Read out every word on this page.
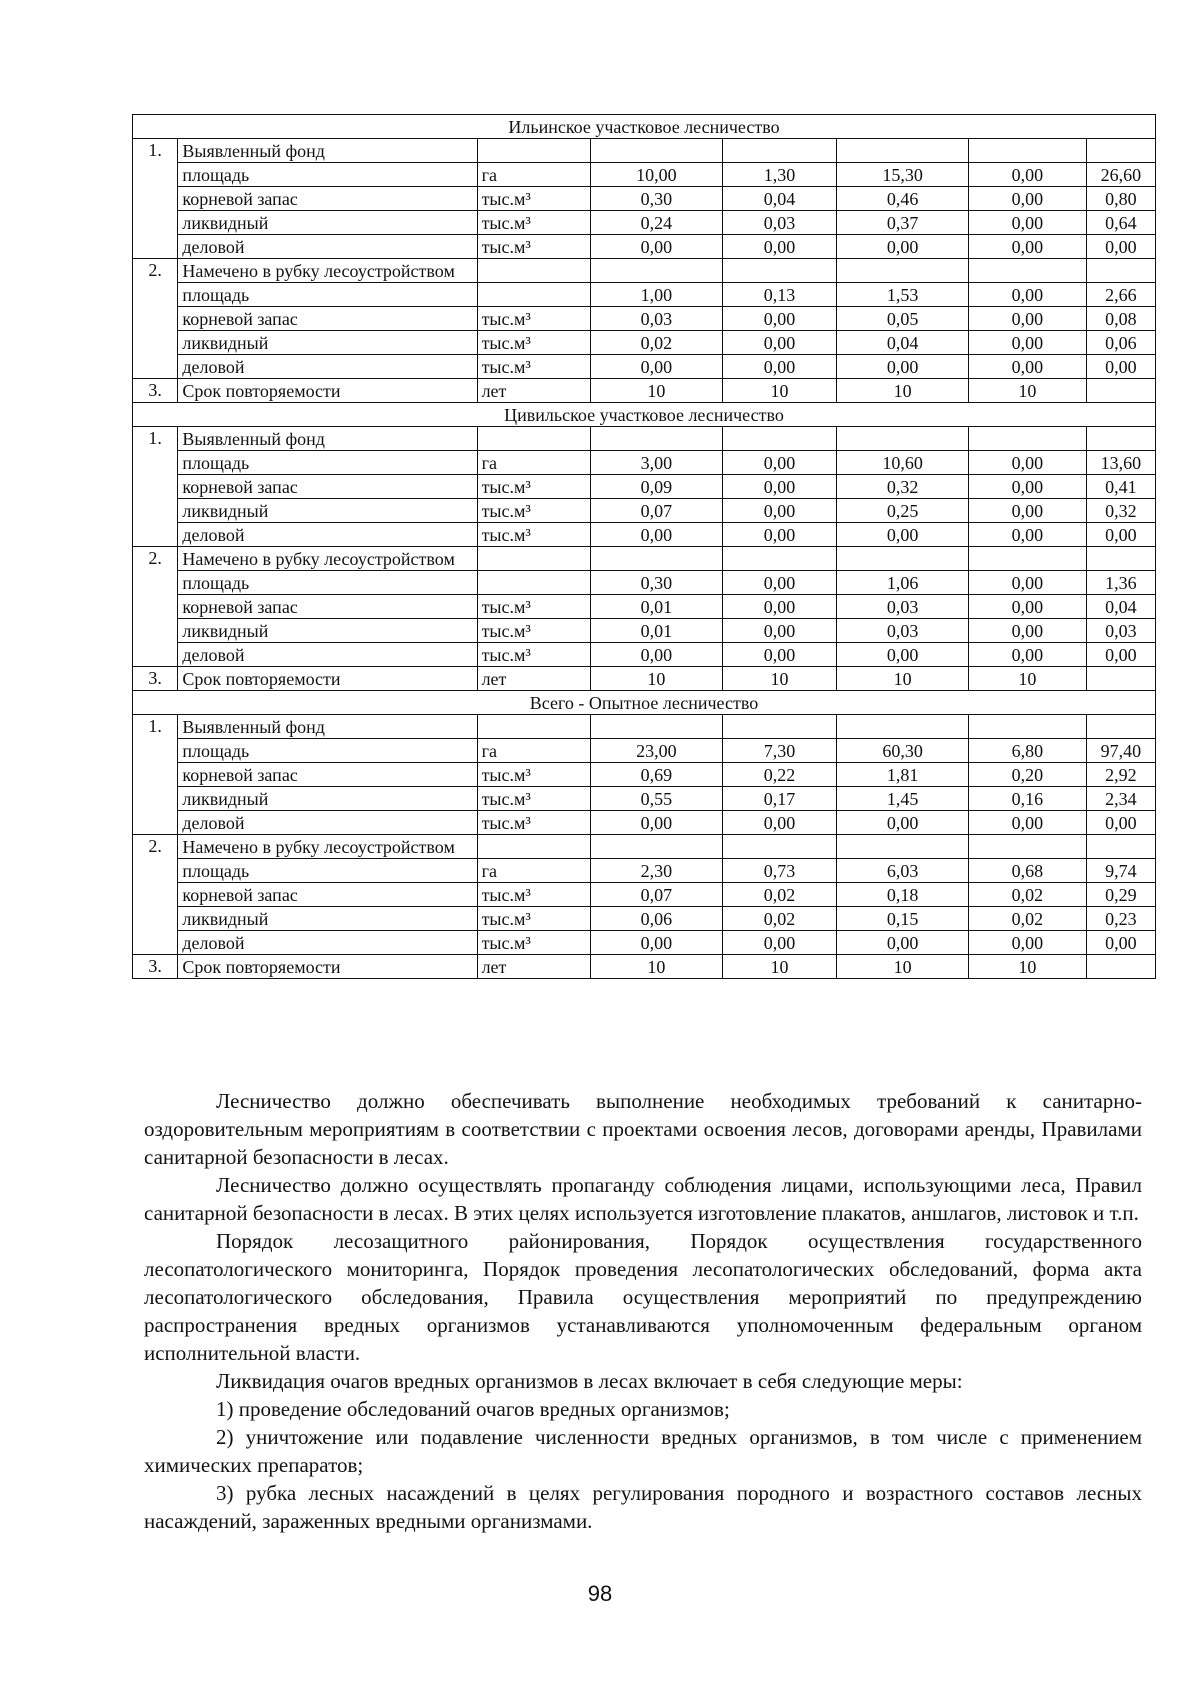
Ильинское участковое лесничество							
1.	Выявленный фонд						
	площадь	га	10,00	1,30	15,30	0,00	26,60
	корневой запас	тыс.м³	0,30	0,04	0,46	0,00	0,80
	ликвидный	тыс.м³	0,24	0,03	0,37	0,00	0,64
	деловой	тыс.м³	0,00	0,00	0,00	0,00	0,00
2.	Намечено в рубку лесоустройством						
	площадь		1,00	0,13	1,53	0,00	2,66
	корневой запас	тыс.м³	0,03	0,00	0,05	0,00	0,08
	ликвидный	тыс.м³	0,02	0,00	0,04	0,00	0,06
	деловой	тыс.м³	0,00	0,00	0,00	0,00	0,00
3.	Срок повторяемости	лет	10	10	10	10	
Цивильское участковое лесничество							
1.	Выявленный фонд						
	площадь	га	3,00	0,00	10,60	0,00	13,60
	корневой запас	тыс.м³	0,09	0,00	0,32	0,00	0,41
	ликвидный	тыс.м³	0,07	0,00	0,25	0,00	0,32
	деловой	тыс.м³	0,00	0,00	0,00	0,00	0,00
2.	Намечено в рубку лесоустройством						
	площадь		0,30	0,00	1,06	0,00	1,36
	корневой запас	тыс.м³	0,01	0,00	0,03	0,00	0,04
	ликвидный	тыс.м³	0,01	0,00	0,03	0,00	0,03
	деловой	тыс.м³	0,00	0,00	0,00	0,00	0,00
3.	Срок повторяемости	лет	10	10	10	10	
Всего - Опытное лесничество							
1.	Выявленный фонд						
	площадь	га	23,00	7,30	60,30	6,80	97,40
	корневой запас	тыс.м³	0,69	0,22	1,81	0,20	2,92
	ликвидный	тыс.м³	0,55	0,17	1,45	0,16	2,34
	деловой	тыс.м³	0,00	0,00	0,00	0,00	0,00
2.	Намечено в рубку лесоустройством						
	площадь	га	2,30	0,73	6,03	0,68	9,74
	корневой запас	тыс.м³	0,07	0,02	0,18	0,02	0,29
	ликвидный	тыс.м³	0,06	0,02	0,15	0,02	0,23
	деловой	тыс.м³	0,00	0,00	0,00	0,00	0,00
3.	Срок повторяемости	лет	10	10	10	10	

Лесничество должно обеспечивать выполнение необходимых требований к санитарно-оздоровительным мероприятиям в соответствии с проектами освоения лесов, договорами аренды, Правилами санитарной безопасности в лесах.

Лесничество должно осуществлять пропаганду соблюдения лицами, использующими леса, Правил санитарной безопасности в лесах. В этих целях используется изготовление плакатов, аншлагов, листовок и т.п.

Порядок лесозащитного районирования, Порядок осуществления государственного лесопатологического мониторинга, Порядок проведения лесопатологических обследований, форма акта лесопатологического обследования, Правила осуществления мероприятий по предупреждению распространения вредных организмов устанавливаются уполномоченным федеральным органом исполнительной власти.

Ликвидация очагов вредных организмов в лесах включает в себя следующие меры:

1) проведение обследований очагов вредных организмов;

2) уничтожение или подавление численности вредных организмов, в том числе с применением химических препаратов;

3) рубка лесных насаждений в целях регулирования породного и возрастного составов лесных насаждений, зараженных вредными организмами.

98
